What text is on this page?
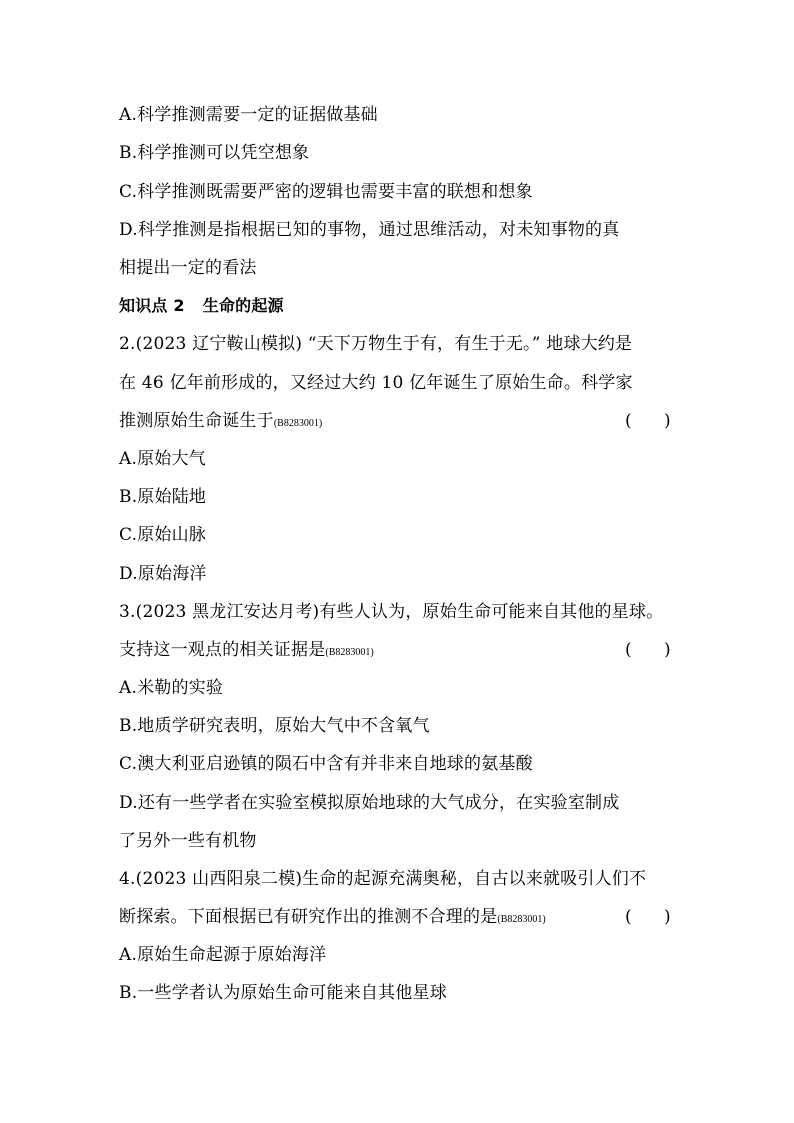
A.科学推测需要一定的证据做基础
B.科学推测可以凭空想象
C.科学推测既需要严密的逻辑也需要丰富的联想和想象
D.科学推测是指根据已知的事物，通过思维活动，对未知事物的真
相提出一定的看法
知识点 2 生命的起源
2.(2023 辽宁鞍山模拟) “天下万物生于有，有生于无。” 地球大约是
在 46 亿年前形成的，又经过大约 10 亿年诞生了原始生命。科学家
推测原始生命诞生于(B8283001)	(      )
A.原始大气
B.原始陆地
C.原始山脉
D.原始海洋
3.(2023 黑龙江安达月考)有些人认为，原始生命可能来自其他的星球。
支持这一观点的相关证据是(B8283001)	(      )
A.米勒的实验
B.地质学研究表明，原始大气中不含氧气
C.澳大利亚启逊镇的陨石中含有并非来自地球的氨基酸
D.还有一些学者在实验室模拟原始地球的大气成分，在实验室制成
了另外一些有机物
4.(2023 山西阳泉二模)生命的起源充满奥秘，自古以来就吸引人们不
断探索。下面根据已有研究作出的推测不合理的是(B8283001)	(      )
A.原始生命起源于原始海洋
B.一些学者认为原始生命可能来自其他星球
